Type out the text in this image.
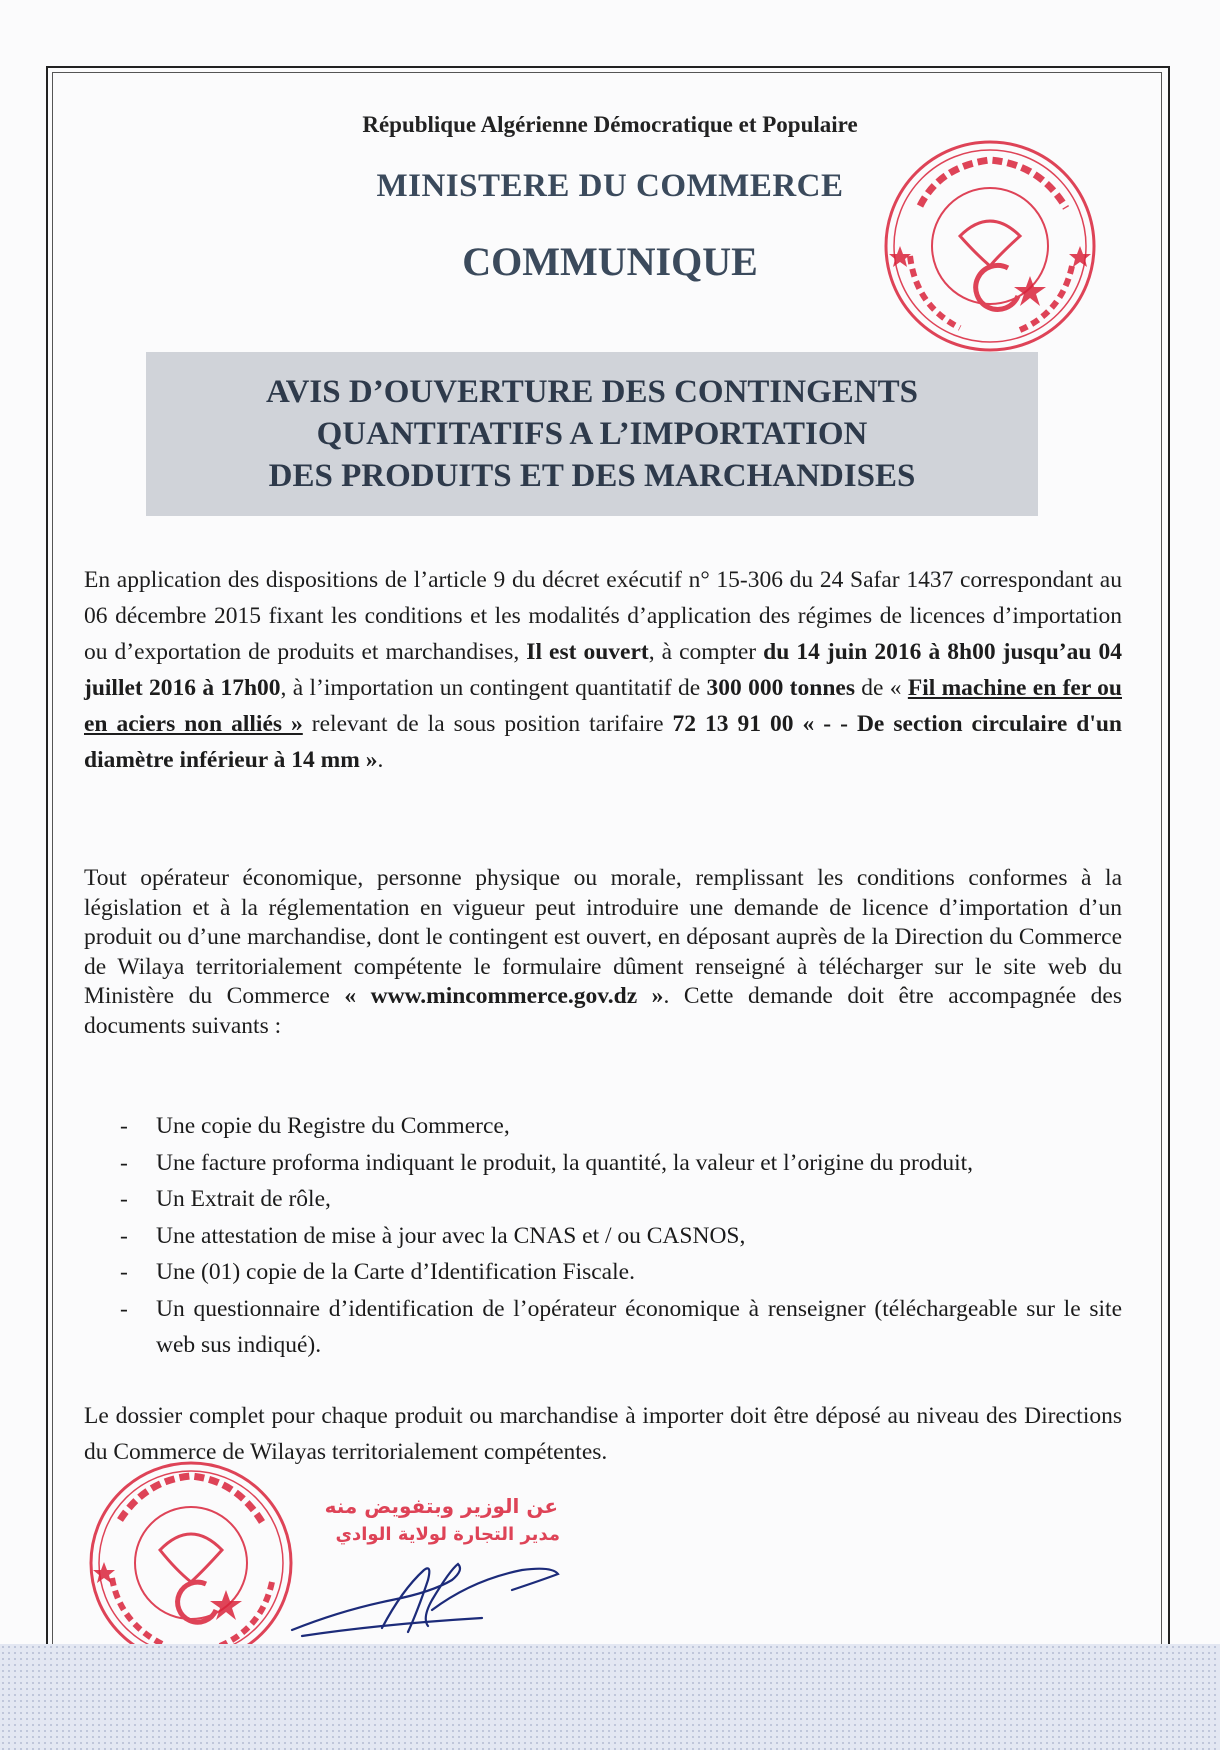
République Algérienne Démocratique et Populaire
MINISTERE DU COMMERCE
COMMUNIQUE
AVIS D’OUVERTURE DES CONTINGENTS
QUANTITATIFS A L’IMPORTATION
DES PRODUITS ET DES MARCHANDISES
En application des dispositions de l’article 9 du décret exécutif n° 15-306 du 24 Safar 1437 correspondant au 06 décembre 2015 fixant les conditions et les modalités d’application des régimes de licences d’importation ou d’exportation de produits et marchandises, Il est ouvert, à compter du 14 juin 2016 à 8h00 jusqu’au 04 juillet 2016 à 17h00, à l’importation un contingent quantitatif de 300 000 tonnes de « Fil machine en fer ou en aciers non alliés » relevant de la sous position tarifaire 72 13 91 00 « - - De section circulaire d'un diamètre inférieur à 14 mm ».
Tout opérateur économique, personne physique ou morale, remplissant les conditions conformes à la législation et à la réglementation en vigueur peut introduire une demande de licence d’importation d’un produit ou d’une marchandise, dont le contingent est ouvert, en déposant auprès de la Direction du Commerce de Wilaya territorialement compétente le formulaire dûment renseigné à télécharger sur le site web du Ministère du Commerce « www.mincommerce.gov.dz ». Cette demande doit être accompagnée des documents suivants :
- Une copie du Registre du Commerce,
- Une facture proforma indiquant le produit, la quantité, la valeur et l’origine du produit,
- Un Extrait de rôle,
- Une attestation de mise à jour avec la CNAS et / ou CASNOS,
- Une (01) copie de la Carte d’Identification Fiscale.
- Un questionnaire d’identification de l’opérateur économique à renseigner (téléchargeable sur le site web sus indiqué).
Le dossier complet pour chaque produit ou marchandise à importer doit être déposé au niveau des Directions du Commerce de Wilayas territorialement compétentes.
عن الوزير وبتفويض منه
مدير التجارة لولاية الوادي
